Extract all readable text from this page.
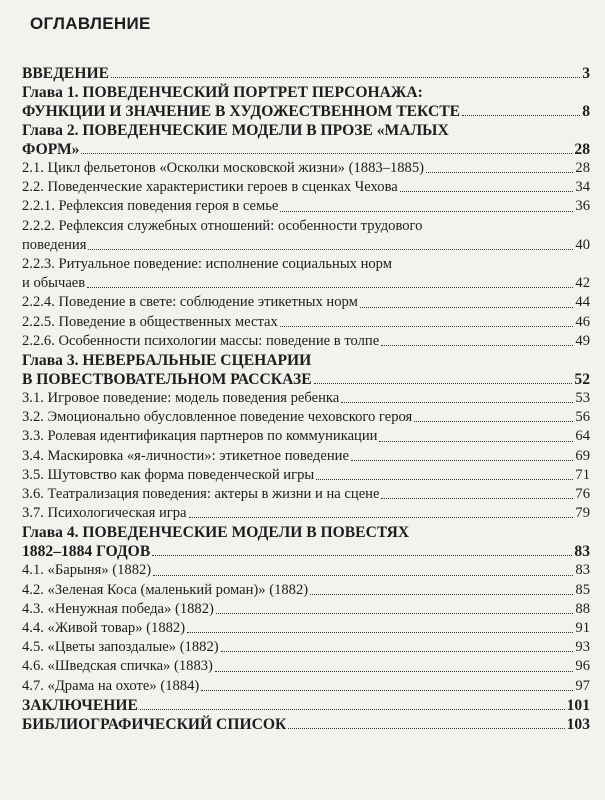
ОГЛАВЛЕНИЕ
ВВЕДЕНИЕ	3
Глава 1. ПОВЕДЕНЧЕСКИЙ ПОРТРЕТ ПЕРСОНАЖА:
ФУНКЦИИ И ЗНАЧЕНИЕ В ХУДОЖЕСТВЕННОМ ТЕКСТЕ	8
Глава 2. ПОВЕДЕНЧЕСКИЕ МОДЕЛИ В ПРОЗЕ «МАЛЫХ
ФОРМ»	28
2.1. Цикл фельетонов «Осколки московской жизни» (1883–1885)	28
2.2. Поведенческие характеристики героев в сценках Чехова	34
2.2.1. Рефлексия поведения героя в семье	36
2.2.2. Рефлексия служебных отношений: особенности трудового
поведения	40
2.2.3. Ритуальное поведение: исполнение социальных норм
и обычаев	42
2.2.4. Поведение в свете: соблюдение этикетных норм	44
2.2.5. Поведение в общественных местах	46
2.2.6. Особенности психологии массы: поведение в толпе	49
Глава 3. НЕВЕРБАЛЬНЫЕ СЦЕНАРИИ
В ПОВЕСТВОВАТЕЛЬНОМ РАССКАЗЕ	52
3.1. Игровое поведение: модель поведения ребенка	53
3.2. Эмоционально обусловленное поведение чеховского героя	56
3.3. Ролевая идентификация партнеров по коммуникации	64
3.4. Маскировка «я-личности»: этикетное поведение	69
3.5. Шутовство как форма поведенческой игры	71
3.6. Театрализация поведения: актеры в жизни и на сцене	76
3.7. Психологическая игра	79
Глава 4. ПОВЕДЕНЧЕСКИЕ МОДЕЛИ В ПОВЕСТЯХ
1882–1884 ГОДОВ	83
4.1. «Барыня» (1882)	83
4.2. «Зеленая Коса (маленький роман)» (1882)	85
4.3. «Ненужная победа» (1882)	88
4.4. «Живой товар» (1882)	91
4.5. «Цветы запоздалые» (1882)	93
4.6. «Шведская спичка» (1883)	96
4.7. «Драма на охоте» (1884)	97
ЗАКЛЮЧЕНИЕ	101
БИБЛИОГРАФИЧЕСКИЙ СПИСОК	103
